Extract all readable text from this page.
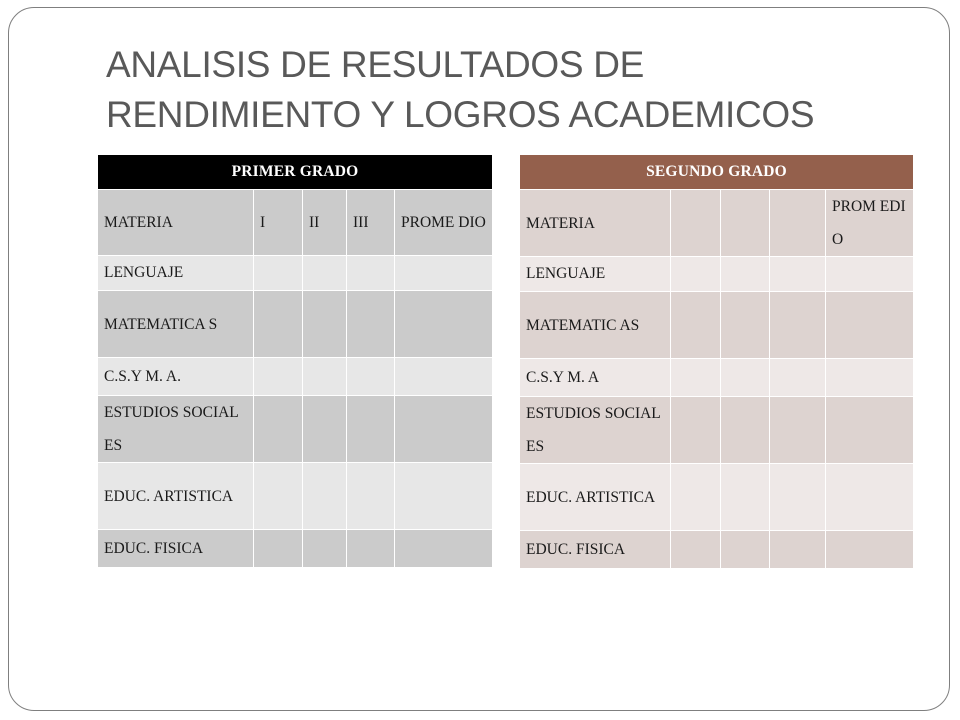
ANALISIS DE RESULTADOS DE
RENDIMIENTO Y LOGROS ACADEMICOS
PRIMER GRADO				
MATERIA	I	II	III	PROME DIO
LENGUAJE				
MATEMATICA S				
C.S.Y M. A.				
ESTUDIOS SOCIALES				
EDUC. ARTISTICA				
EDUC. FISICA				
SEGUNDO GRADO				
MATERIA				PROM EDIO
LENGUAJE				
MATEMATIC AS				
C.S.Y M. A				
ESTUDIOS SOCIALES				
EDUC. ARTISTICA				
EDUC. FISICA				
